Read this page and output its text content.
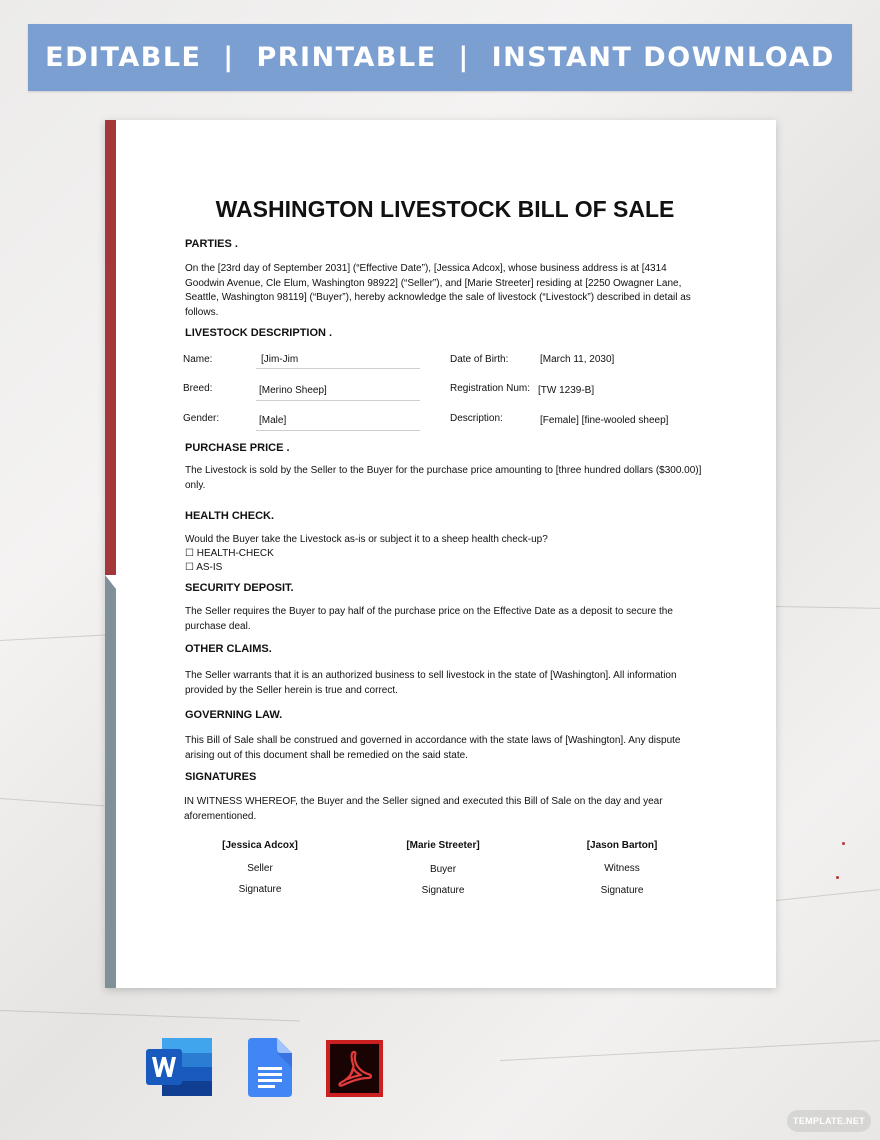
EDITABLE  |  PRINTABLE  |  INSTANT DOWNLOAD
WASHINGTON LIVESTOCK BILL OF SALE
PARTIES .
On the [23rd day of September 2031] (“Effective Date”), [Jessica Adcox], whose business address is at [4314 Goodwin Avenue, Cle Elum, Washington 98922] (“Seller”), and [Marie Streeter] residing at [2250 Owagner Lane, Seattle, Washington 98119] (“Buyer”), hereby acknowledge the sale of livestock (“Livestock”) described in detail as follows.
LIVESTOCK DESCRIPTION .
Name:	[Jim-Jim	Date of Birth:	[March 11, 2030]
Breed:	[Merino Sheep]	Registration Num: [TW 1239-B]
Gender:	[Male]	Description:	[Female] [fine-wooled sheep]
PURCHASE PRICE .
The Livestock is sold by the Seller to the Buyer for the purchase price amounting to [three hundred dollars ($300.00)] only.
HEALTH CHECK.
Would the Buyer take the Livestock as-is or subject it to a sheep health check-up?
☐ HEALTH-CHECK
☐ AS-IS
SECURITY DEPOSIT.
The Seller requires the Buyer to pay half of the purchase price on the Effective Date as a deposit to secure the purchase deal.
OTHER CLAIMS.
The Seller warrants that it is an authorized business to sell livestock in the state of [Washington]. All information provided by the Seller herein is true and correct.
GOVERNING LAW.
This Bill of Sale shall be construed and governed in accordance with the state laws of [Washington]. Any dispute arising out of this document shall be remedied on the said state.
SIGNATURES
IN WITNESS WHEREOF, the Buyer and the Seller signed and executed this Bill of Sale on the day and year aforementioned.
[Jessica Adcox]
Seller
Signature
[Marie Streeter]
Buyer
Signature
[Jason Barton]
Witness
Signature
TEMPLATE.NET
